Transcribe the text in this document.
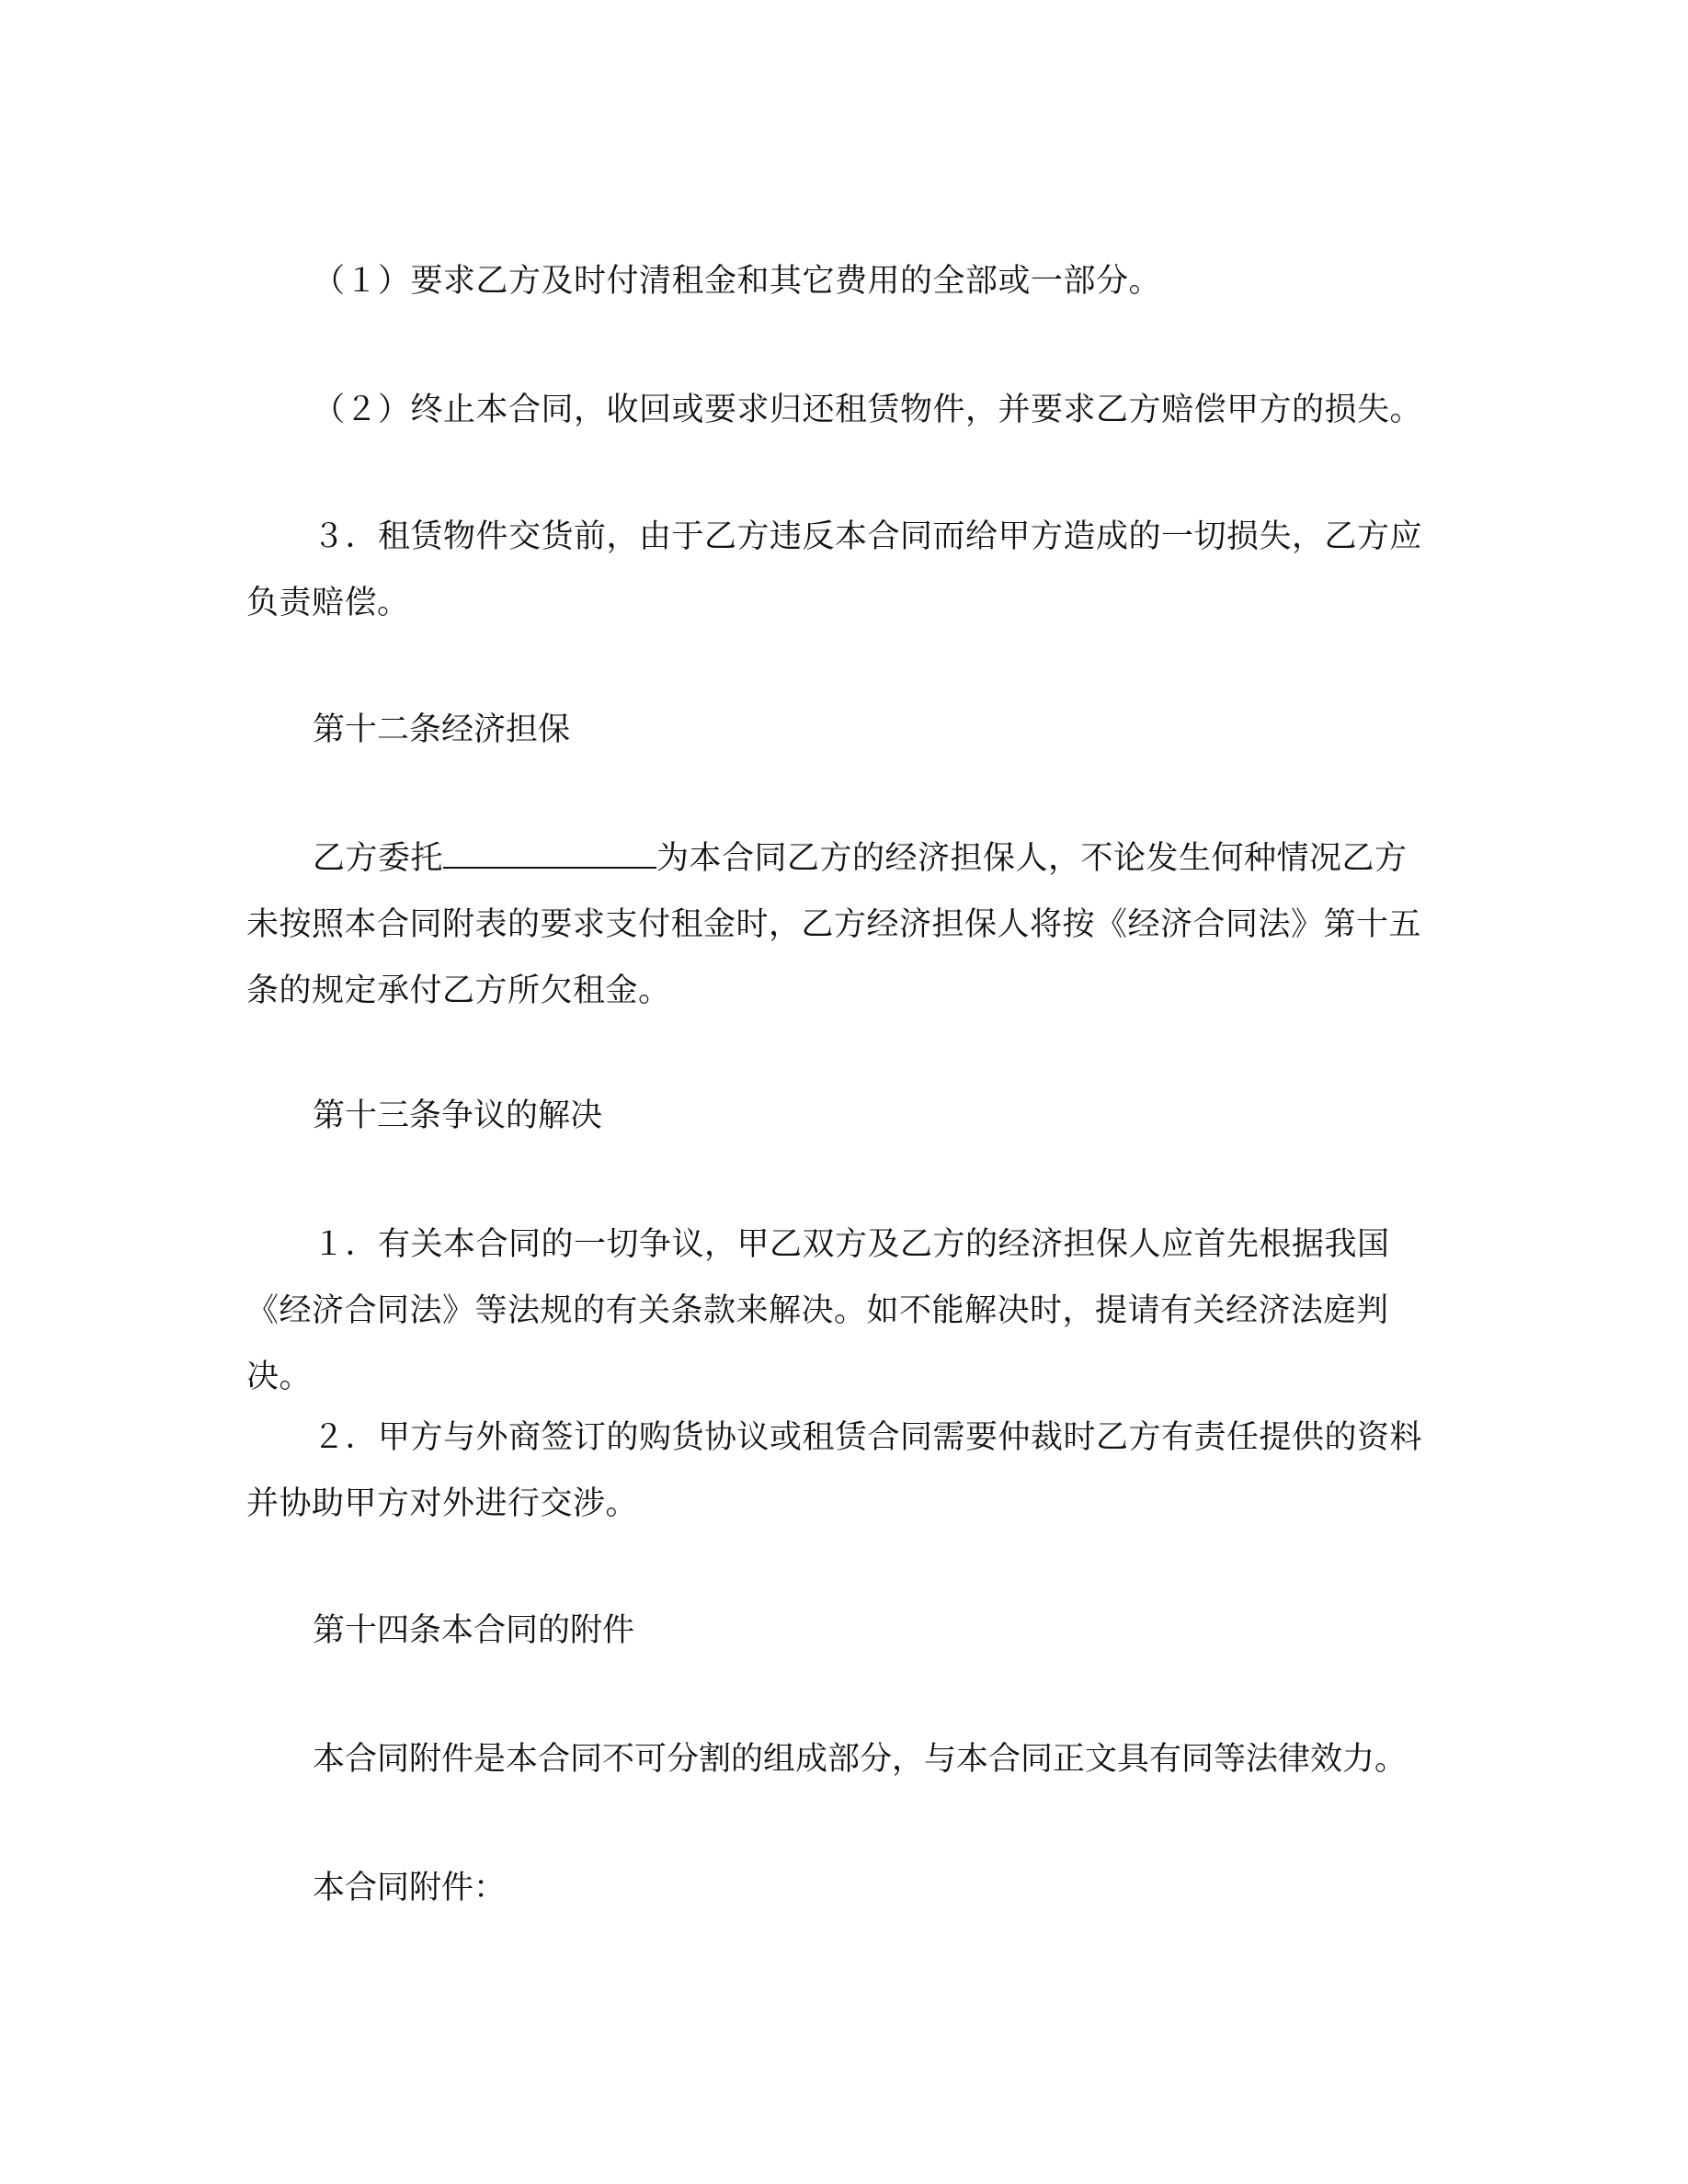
（１）要求乙方及时付清租金和其它费用的全部或一部分。
（２）终止本合同，收回或要求归还租赁物件，并要求乙方赔偿甲方的损失。
３．租赁物件交货前，由于乙方违反本合同而给甲方造成的一切损失，乙方应负责赔偿。
第十二条经济担保
乙方委托	为本合同乙方的经济担保人，不论发生何种情况乙方未按照本合同附表的要求支付租金时，乙方经济担保人将按《经济合同法》第十五条的规定承付乙方所欠租金。
第十三条争议的解决
１．有关本合同的一切争议，甲乙双方及乙方的经济担保人应首先根据我国《经济合同法》等法规的有关条款来解决。如不能解决时，提请有关经济法庭判决。
２．甲方与外商签订的购货协议或租赁合同需要仲裁时乙方有责任提供的资料并协助甲方对外进行交涉。
第十四条本合同的附件
本合同附件是本合同不可分割的组成部分，与本合同正文具有同等法律效力。
本合同附件：
